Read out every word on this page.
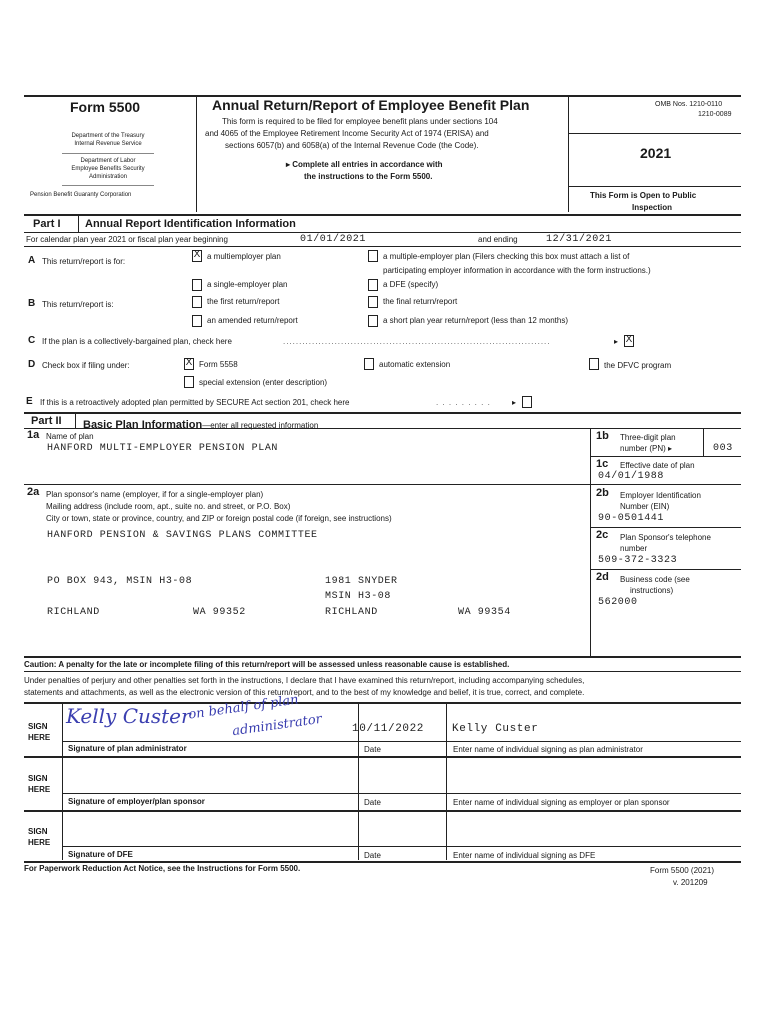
Form 5500
Department of the Treasury
Internal Revenue Service
Department of Labor
Employee Benefits Security
Administration
Pension Benefit Guaranty Corporation
Annual Return/Report of Employee Benefit Plan
This form is required to be filed for employee benefit plans under sections 104
and 4065 of the Employee Retirement Income Security Act of 1974 (ERISA) and
sections 6057(b) and 6058(a) of the Internal Revenue Code (the Code).
▸ Complete all entries in accordance with
the instructions to the Form 5500.
OMB Nos. 1210-0110
1210-0089
2021
This Form is Open to Public
Inspection
Part I Annual Report Identification Information
For calendar plan year 2021 or fiscal plan year beginning	01/01/2021	and ending	12/31/2021
A This return/report is for:
X a multiemployer plan	a multiple-employer plan (Filers checking this box must attach a list of
participating employer information in accordance with the form instructions.)
a single-employer plan	a DFE (specify)
B This return/report is:	the first return/report	the final return/report
an amended return/report	a short plan year return/report (less than 12 months)
C If the plan is a collectively-bargained plan, check here	...................................................................................	▸ X
D Check box if filing under:	X Form 5558	automatic extension	the DFVC program
special extension (enter description)
E If this is a retroactively adopted plan permitted by SECURE Act section 201, check here	. . . . . . . . .	▸
Part II Basic Plan Information—enter all requested information
1a Name of plan
HANFORD MULTI-EMPLOYER PENSION PLAN
1b Three-digit plan
number (PN) ▸	003
1c Effective date of plan
04/01/1988
2a Plan sponsor's name (employer, if for a single-employer plan)
Mailing address (include room, apt., suite no. and street, or P.O. Box)
City or town, state or province, country, and ZIP or foreign postal code (if foreign, see instructions)
HANFORD PENSION & SAVINGS PLANS COMMITTEE
PO BOX 943, MSIN H3-08	1981 SNYDER
MSIN H3-08
RICHLAND	WA 99352	RICHLAND	WA 99354
2b Employer Identification
Number (EIN)
90-0501441
2c Plan Sponsor's telephone
number
509-372-3323
2d Business code (see
instructions)
562000
Caution: A penalty for the late or incomplete filing of this return/report will be assessed unless reasonable cause is established.
Under penalties of perjury and other penalties set forth in the instructions, I declare that I have examined this return/report, including accompanying schedules,
statements and attachments, as well as the electronic version of this return/report, and to the best of my knowledge and belief, it is true, correct, and complete.
SIGN
HERE
Kelly Custer
on behalf of plan
administrator	10/11/2022	Kelly Custer
Signature of plan administrator	Date	Enter name of individual signing as plan administrator
SIGN
HERE
Signature of employer/plan sponsor	Date	Enter name of individual signing as employer or plan sponsor
SIGN
HERE
Signature of DFE	Date	Enter name of individual signing as DFE
For Paperwork Reduction Act Notice, see the Instructions for Form 5500.	Form 5500 (2021)
v. 201209
